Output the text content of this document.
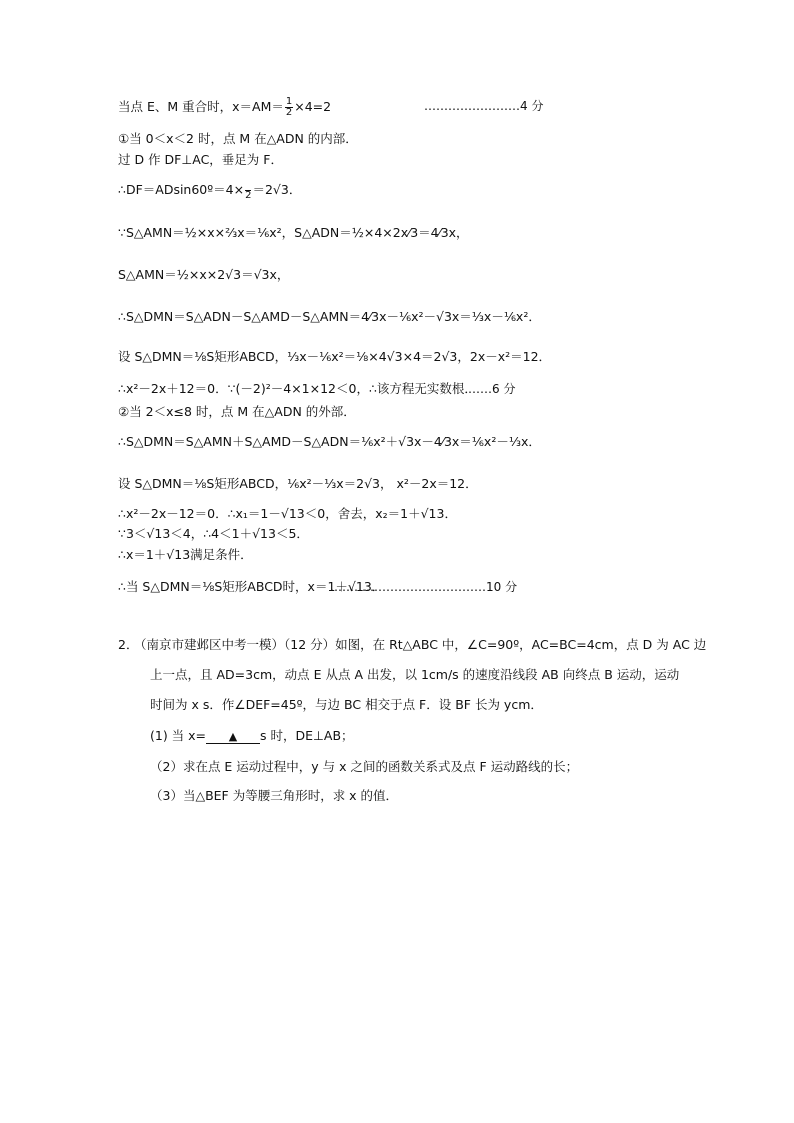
当点 E、M 重合时，$x=AM= \frac{1}{2} \times 4=2$	……………………4 分
①当 0＜x＜2 时，点 M 在△ADN 的内部．
过 D 作 DF⊥AC，垂足为 F．
∴DF＝ADsin60º＝4×
2 ＝2√3．
∵S△AMN＝½×x×⅔x＝⅙x²，S△ADN＝½×4×2x⁄3＝4⁄3x，
S△AMN＝½×x×2√3＝√3x，
∴S△DMN＝S△ADN－S△AMD－S△AMN＝4⁄3x－⅙x²－√3x＝⅓x－⅙x²．
设 S△DMN＝⅛S矩形ABCD，⅓x－⅙x²＝⅛×4√3×4＝2√3，2x－x²＝12．
∴x²－2x＋12＝0．∵(－2)²－4×1×12＜0，∴该方程无实数根．
……6 分
②当 2＜x≤8 时，点 M 在△ADN 的外部．
∴S△DMN＝S△AMN＋S△AMD－S△ADN＝⅙x²＋√3x－4⁄3x＝⅙x²－⅓x．
设 S△DMN＝⅛S矩形ABCD，⅙x²－⅓x＝2√3， x²－2x＝12．
∴x²－2x－12＝0．∴x₁＝1－√13＜0，舍去，x₂＝1＋√13．
∵3＜√13＜4，∴4＜1＋√13＜5．
∴x＝1＋√13满足条件．
∴当 S△DMN＝⅛S矩形ABCD时，x＝1＋√13．
…………………………………10 分
2．
（南京市建邺区中考一模）（12 分）如图，在 Rt△ABC 中，∠C=90º，AC=BC=4cm，点 D 为 AC 边
上一点，且 AD=3cm，动点 E 从点 A 出发，以 1cm/s 的速度沿线段 AB 向终点 B 运动，运动
时间为 x s．作∠DEF=45º，与边 BC 相交于点 F．设 BF 长为 ycm．
(1) 当 x= ▲ s 时，DE⊥AB；
（2）求在点 E 运动过程中，y 与 x 之间的函数关系式及点 F 运动路线的长；
（3）当△BEF 为等腰三角形时，求 x 的值．
